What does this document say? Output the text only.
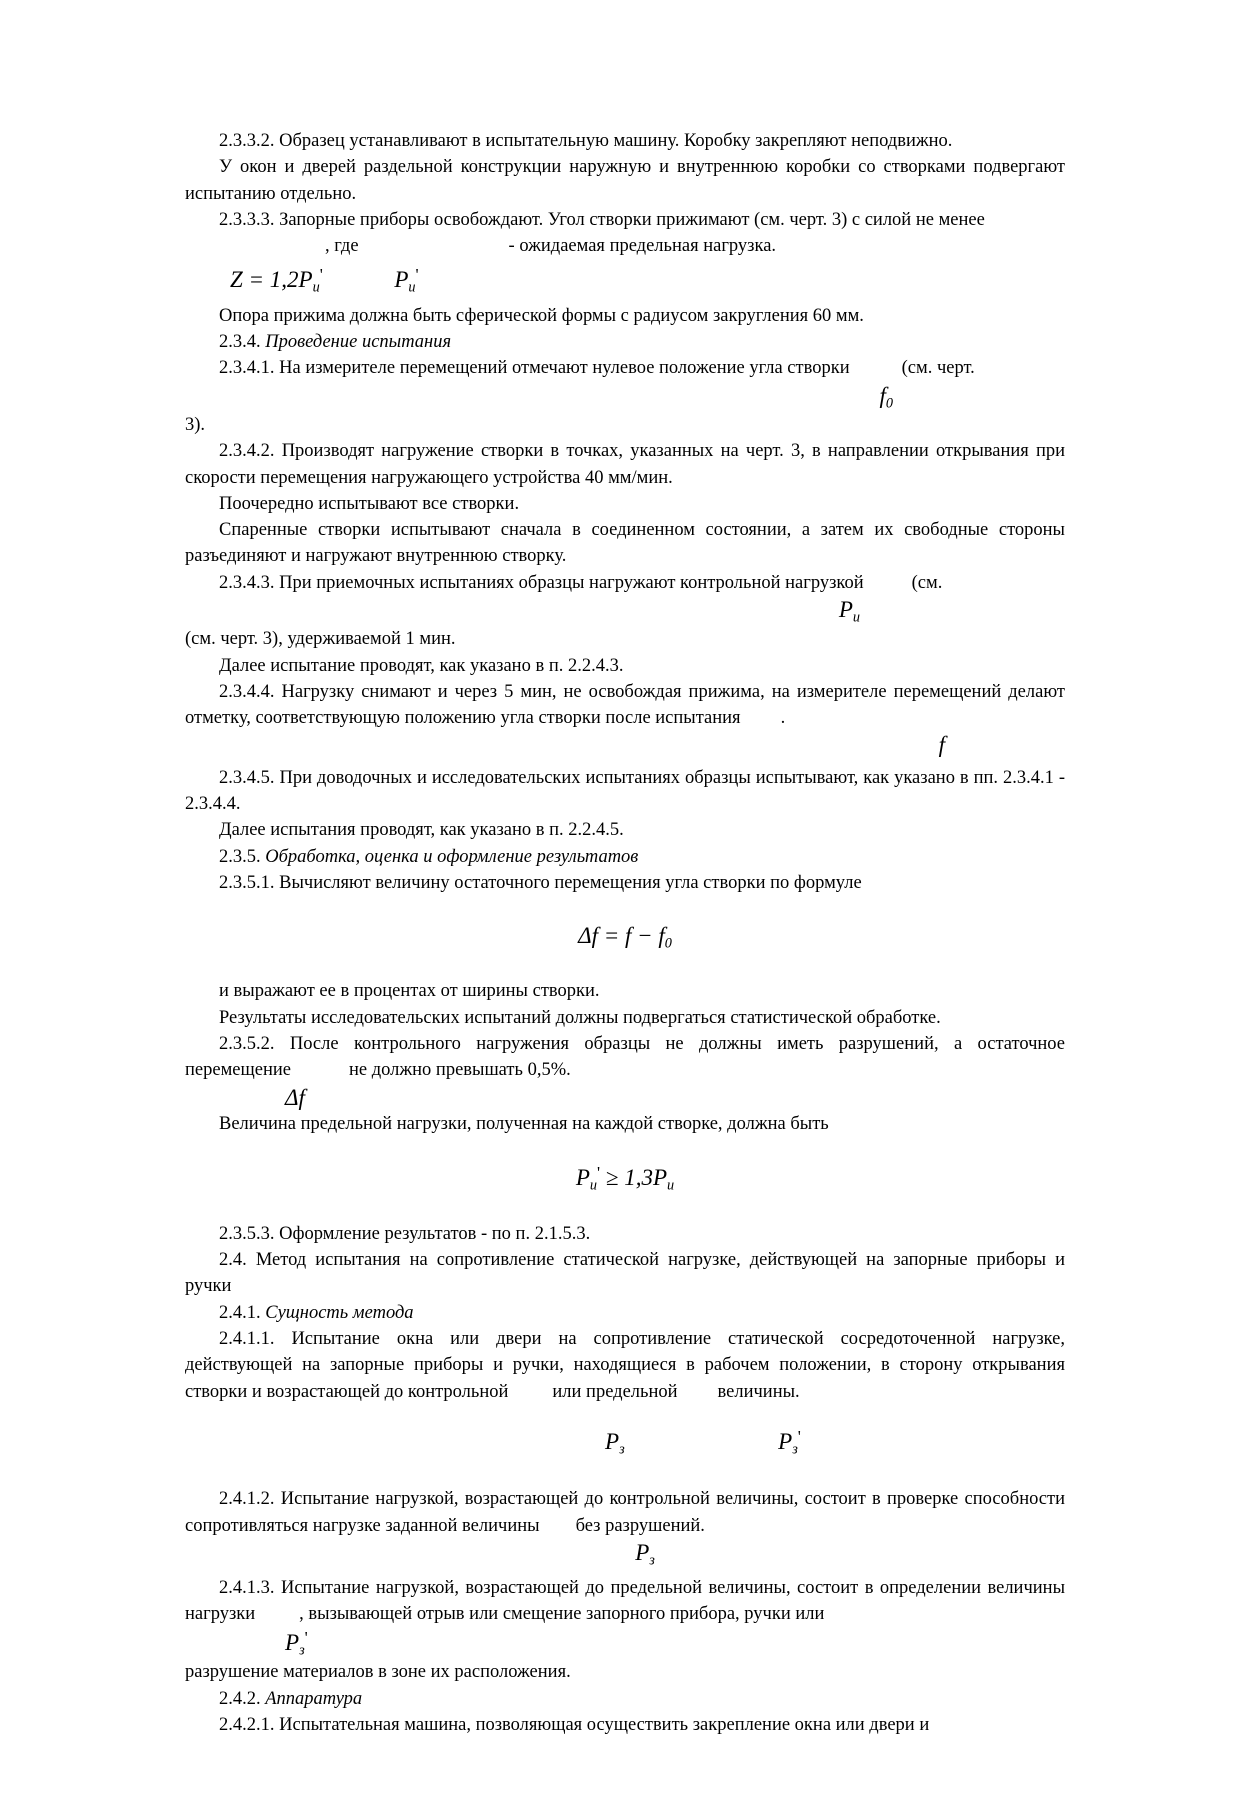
2.3.3.2. Образец устанавливают в испытательную машину. Коробку закрепляют неподвижно.

У окон и дверей раздельной конструкции наружную и внутреннюю коробки со створками подвергают испытанию отдельно.

2.3.3.3. Запорные приборы освобождают. Угол створки прижимают (см. черт. 3) с силой не менее

, где	- ожидаемая предельная нагрузка.

$Z = 1,2P_и'$	$P_и'$

Опора прижима должна быть сферической формы с радиусом закругления 60 мм.

2.3.4. Проведение испытания

2.3.4.1. На измерителе перемещений отмечают нулевое положение угла створки	(см. черт.

$f_0$

3).

2.3.4.2. Производят нагружение створки в точках, указанных на черт. 3, в направлении открывания при скорости перемещения нагружающего устройства 40 мм/мин.

Поочередно испытывают все створки.

Спаренные створки испытывают сначала в соединенном состоянии, а затем их свободные стороны разъединяют и нагружают внутреннюю створку.

2.3.4.3. При приемочных испытаниях образцы нагружают контрольной нагрузкой	(см.

$P_и$

(см. черт. 3), удерживаемой 1 мин.

Далее испытание проводят, как указано в п. 2.2.4.3.

2.3.4.4. Нагрузку снимают и через 5 мин, не освобождая прижима, на измерителе перемещений делают отметку, соответствующую положению угла створки после испытания .

f

2.3.4.5. При доводочных и исследовательских испытаниях образцы испытывают, как указано в пп. 2.3.4.1 - 2.3.4.4.

Далее испытания проводят, как указано в п. 2.2.4.5.

2.3.5. Обработка, оценка и оформление результатов

2.3.5.1. Вычисляют величину остаточного перемещения угла створки по формуле

$\Delta f = f - f_0$

и выражают ее в процентах от ширины створки.

Результаты исследовательских испытаний должны подвергаться статистической обработке.

2.3.5.2. После контрольного нагружения образцы не должны иметь разрушений, а остаточное перемещение	не должно превышать 0,5%.

Δf

Величина предельной нагрузки, полученная на каждой створке, должна быть

$P_и' \ge 1,3P_и$

2.3.5.3. Оформление результатов - по п. 2.1.5.3.

2.4. Метод испытания на сопротивление статической нагрузке, действующей на запорные приборы и ручки

2.4.1. Сущность метода

2.4.1.1. Испытание окна или двери на сопротивление статической сосредоточенной нагрузке, действующей на запорные приборы и ручки, находящиеся в рабочем положении, в сторону открывания створки и возрастающей до контрольной или предельной величины.

$P_з$	$P_з'$

2.4.1.2. Испытание нагрузкой, возрастающей до контрольной величины, состоит в проверке способности сопротивляться нагрузке заданной величины без разрушений.

$P_з$

2.4.1.3. Испытание нагрузкой, возрастающей до предельной величины, состоит в определении величины нагрузки , вызывающей отрыв или смещение запорного прибора, ручки или

$P_з'$

разрушение материалов в зоне их расположения.

2.4.2. Аппаратура

2.4.2.1. Испытательная машина, позволяющая осуществить закрепление окна или двери и
